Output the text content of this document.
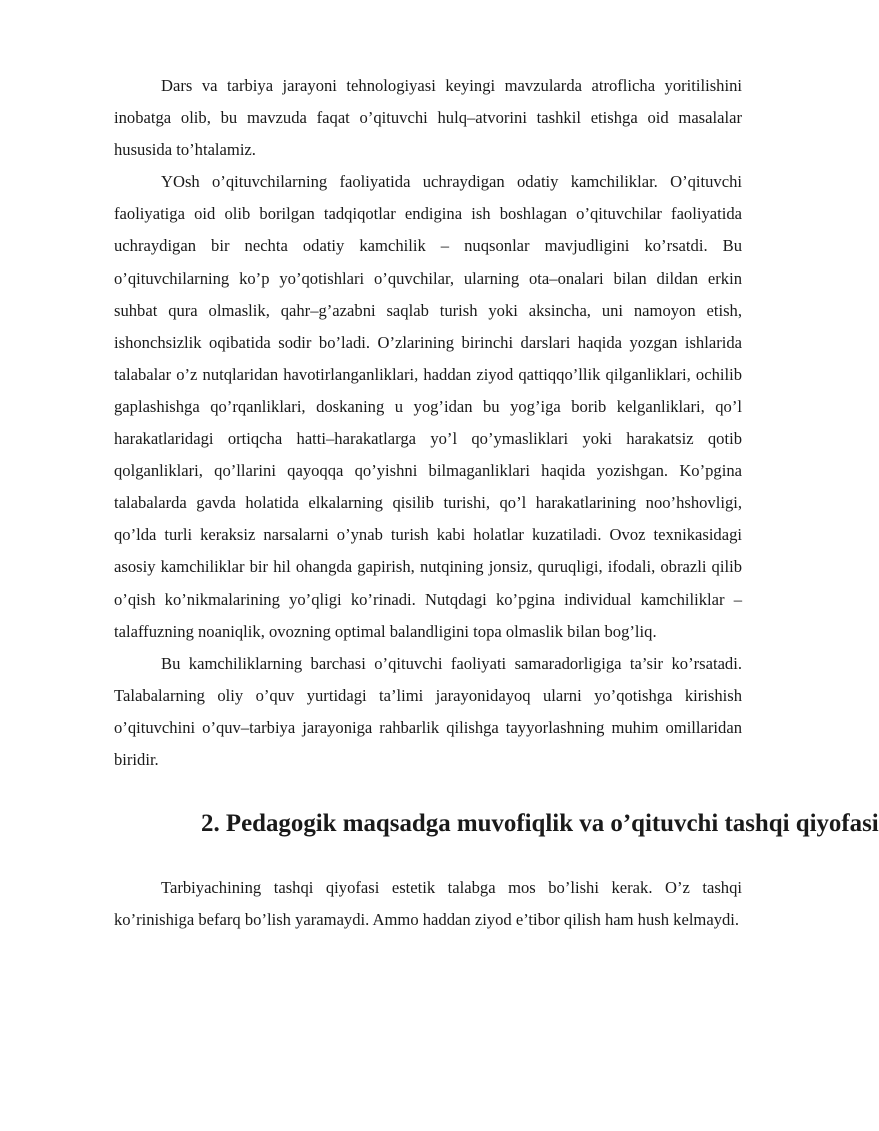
Dars va tarbiya jarayoni tehnologiyasi keyingi mavzularda atroflicha yoritilishini inobatga olib, bu mavzuda faqat o’qituvchi hulq–atvorini tashkil etishga oid masalalar hususida to’htalamiz.

YOsh o’qituvchilarning faoliyatida uchraydigan odatiy kamchiliklar. O’qituvchi faoliyatiga oid olib borilgan tadqiqotlar endigina ish boshlagan o’qituvchilar faoliyatida uchraydigan bir nechta odatiy kamchilik – nuqsonlar mavjudligini ko’rsatdi. Bu o’qituvchilarning ko’p yo’qotishlari o’quvchilar, ularning ota–onalari bilan dildan erkin suhbat qura olmaslik, qahr–g’azabni saqlab turish yoki aksincha, uni namoyon etish, ishonchsizlik oqibatida sodir bo’ladi. O’zlarining birinchi darslari haqida yozgan ishlarida talabalar o’z nutqlaridan havotirlanganliklari, haddan ziyod qattiqqo’llik qilganliklari, ochilib gaplashishga qo’rqanliklari, doskaning u yog’idan bu yog’iga borib kelganliklari, qo’l harakatlaridagi ortiqcha hatti–harakatlarga yo’l qo’ymasliklari yoki harakatsiz qotib qolganliklari, qo’llarini qayoqqa qo’yishni bilmaganliklari haqida yozishgan. Ko’pgina talabalarda gavda holatida elkalarning qisilib turishi, qo’l harakatlarining noo’hshovligi, qo’lda turli keraksiz narsalarni o’ynab turish kabi holatlar kuzatiladi. Ovoz texnikasidagi asosiy kamchiliklar bir hil ohangda gapirish, nutqining jonsiz, quruqligi, ifodali, obrazli qilib o’qish ko’nikmalarining yo’qligi ko’rinadi. Nutqdagi ko’pgina individual kamchiliklar – talaffuzning noaniqlik, ovozning optimal balandligini topa olmaslik bilan bog’liq.

Bu kamchiliklarning barchasi o’qituvchi faoliyati samaradorligiga ta’sir ko’rsatadi. Talabalarning oliy o’quv yurtidagi ta’limi jarayonidayoq ularni yo’qotishga kirishish o’qituvchini o’quv–tarbiya jarayoniga rahbarlik qilishga tayyorlashning muhim omillaridan biridir.

2. Pedagogik maqsadga muvofiqlik va o’qituvchi tashqi qiyofasi

Tarbiyachining tashqi qiyofasi estetik talabga mos bo’lishi kerak. O’z tashqi ko’rinishiga befarq bo’lish yaramaydi. Ammo haddan ziyod e’tibor qilish ham hush kelmaydi.
